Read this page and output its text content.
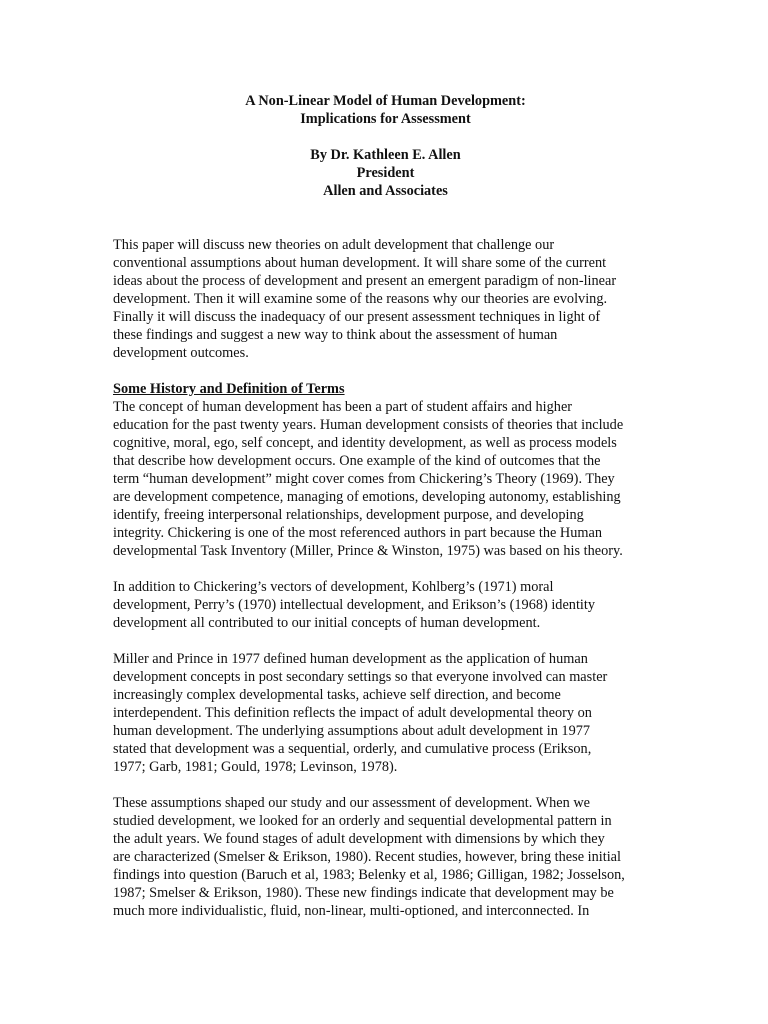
A Non-Linear Model of Human Development:
Implications for Assessment
By Dr. Kathleen E. Allen
President
Allen and Associates

This paper will discuss new theories on adult development that challenge our
conventional assumptions about human development. It will share some of the current
ideas about the process of development and present an emergent paradigm of non-linear
development. Then it will examine some of the reasons why our theories are evolving.
Finally it will discuss the inadequacy of our present assessment techniques in light of
these findings and suggest a new way to think about the assessment of human
development outcomes.

Some History and Definition of Terms

The concept of human development has been a part of student affairs and higher
education for the past twenty years. Human development consists of theories that include
cognitive, moral, ego, self concept, and identity development, as well as process models
that describe how development occurs. One example of the kind of outcomes that the
term “human development” might cover comes from Chickering’s Theory (1969). They
are development competence, managing of emotions, developing autonomy, establishing
identify, freeing interpersonal relationships, development purpose, and developing
integrity. Chickering is one of the most referenced authors in part because the Human
developmental Task Inventory (Miller, Prince & Winston, 1975) was based on his theory.

In addition to Chickering’s vectors of development, Kohlberg’s (1971) moral
development, Perry’s (1970) intellectual development, and Erikson’s (1968) identity
development all contributed to our initial concepts of human development.

Miller and Prince in 1977 defined human development as the application of human
development concepts in post secondary settings so that everyone involved can master
increasingly complex developmental tasks, achieve self direction, and become
interdependent. This definition reflects the impact of adult developmental theory on
human development. The underlying assumptions about adult development in 1977
stated that development was a sequential, orderly, and cumulative process (Erikson,
1977; Garb, 1981; Gould, 1978; Levinson, 1978).

These assumptions shaped our study and our assessment of development. When we
studied development, we looked for an orderly and sequential developmental pattern in
the adult years. We found stages of adult development with dimensions by which they
are characterized (Smelser & Erikson, 1980). Recent studies, however, bring these initial
findings into question (Baruch et al, 1983; Belenky et al, 1986; Gilligan, 1982; Josselson,
1987; Smelser & Erikson, 1980). These new findings indicate that development may be
much more individualistic, fluid, non-linear, multi-optioned, and interconnected. In
